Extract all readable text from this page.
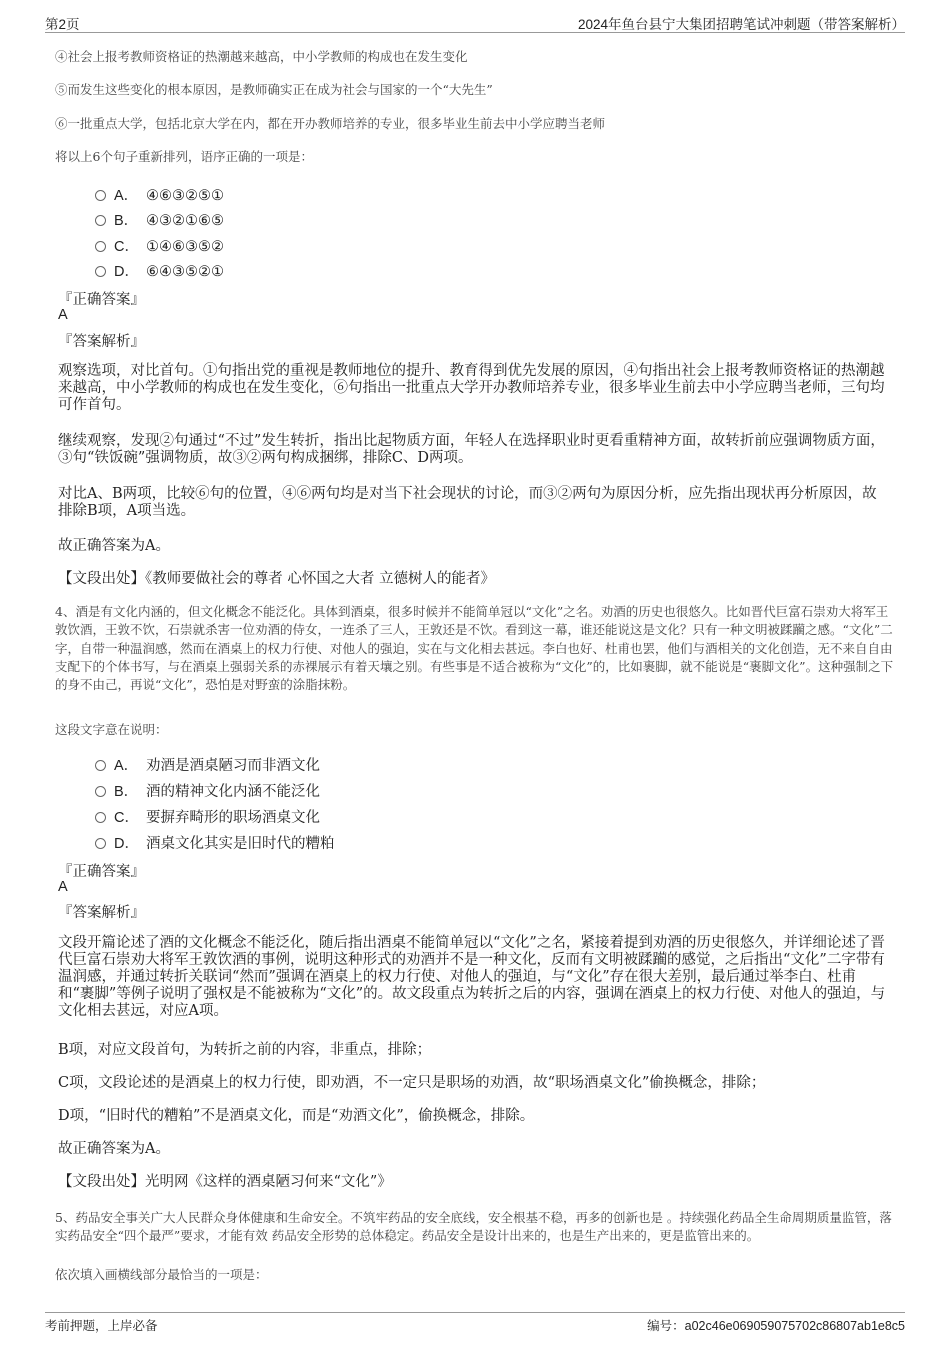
第2页	2024年鱼台县宁大集团招聘笔试冲刺题（带答案解析）
④社会上报考教师资格证的热潮越来越高，中小学教师的构成也在发生变化
⑤而发生这些变化的根本原因，是教师确实正在成为社会与国家的一个“大先生”
⑥一批重点大学，包括北京大学在内，都在开办教师培养的专业，很多毕业生前去中小学应聘当老师
将以上6个句子重新排列，语序正确的一项是：
A． ④⑥③②⑤①
B． ④③②①⑥⑤
C． ①④⑥③⑤②
D． ⑥④③⑤②①
『正确答案』
A
『答案解析』
观察选项，对比首句。①句指出党的重视是教师地位的提升、教育得到优先发展的原因，④句指出社会上报考教师资格证的热潮越来越高，中小学教师的构成也在发生变化，⑥句指出一批重点大学开办教师培养专业，很多毕业生前去中小学应聘当老师，三句均可作首句。
继续观察，发现②句通过“不过”发生转折，指出比起物质方面，年轻人在选择职业时更看重精神方面，故转折前应强调物质方面，③句“铁饭碗”强调物质，故③②两句构成捆绑，排除C、D两项。
对比A、B两项，比较⑥句的位置，④⑥两句均是对当下社会现状的讨论，而③②两句为原因分析，应先指出现状再分析原因，故排除B项，A项当选。
故正确答案为A。
【文段出处】《教师要做社会的尊者 心怀国之大者 立德树人的能者》
4、酒是有文化内涵的，但文化概念不能泛化。具体到酒桌，很多时候并不能简单冠以“文化”之名。劝酒的历史也很悠久。比如晋代巨富石崇劝大将军王敦饮酒，王敦不饮，石崇就杀害一位劝酒的侍女，一连杀了三人，王敦还是不饮。看到这一幕，谁还能说这是文化？只有一种文明被蹂躏之感。“文化”二字，自带一种温润感，然而在酒桌上的权力行使、对他人的强迫，实在与文化相去甚远。李白也好、杜甫也罢，他们与酒相关的文化创造，无不来自自由支配下的个体书写，与在酒桌上强弱关系的赤裸展示有着天壤之别。有些事是不适合被称为“文化”的，比如裹脚，就不能说是“裹脚文化”。这种强制之下的身不由己，再说“文化”，恐怕是对野蛮的涂脂抹粉。
这段文字意在说明：
A． 劝酒是酒桌陋习而非酒文化
B． 酒的精神文化内涵不能泛化
C． 要摒弃畸形的职场酒桌文化
D． 酒桌文化其实是旧时代的糟粕
『正确答案』
A
『答案解析』
文段开篇论述了酒的文化概念不能泛化，随后指出酒桌不能简单冠以“文化”之名，紧接着提到劝酒的历史很悠久，并详细论述了晋代巨富石崇劝大将军王敦饮酒的事例，说明这种形式的劝酒并不是一种文化，反而有文明被蹂躏的感觉，之后指出“文化”二字带有温润感，并通过转折关联词“然而”强调在酒桌上的权力行使、对他人的强迫，与“文化”存在很大差别，最后通过举李白、杜甫和“裹脚”等例子说明了强权是不能被称为“文化”的。故文段重点为转折之后的内容，强调在酒桌上的权力行使、对他人的强迫，与文化相去甚远，对应A项。
B项，对应文段首句，为转折之前的内容，非重点，排除；
C项，文段论述的是酒桌上的权力行使，即劝酒，不一定只是职场的劝酒，故“职场酒桌文化”偷换概念，排除；
D项，“旧时代的糟粕”不是酒桌文化，而是“劝酒文化”，偷换概念，排除。
故正确答案为A。
【文段出处】光明网《这样的酒桌陋习何来“文化”》
5、药品安全事关广大人民群众身体健康和生命安全。不筑牢药品的安全底线，安全根基不稳，再多的创新也是 。持续强化药品全生命周期质量监管，落实药品安全“四个最严”要求，才能有效 药品安全形势的总体稳定。药品安全是设计出来的，也是生产出来的，更是监管出来的。
依次填入画横线部分最恰当的一项是：
考前押题，上岸必备	编号：a02c46e069059075702c86807ab1e8c5
